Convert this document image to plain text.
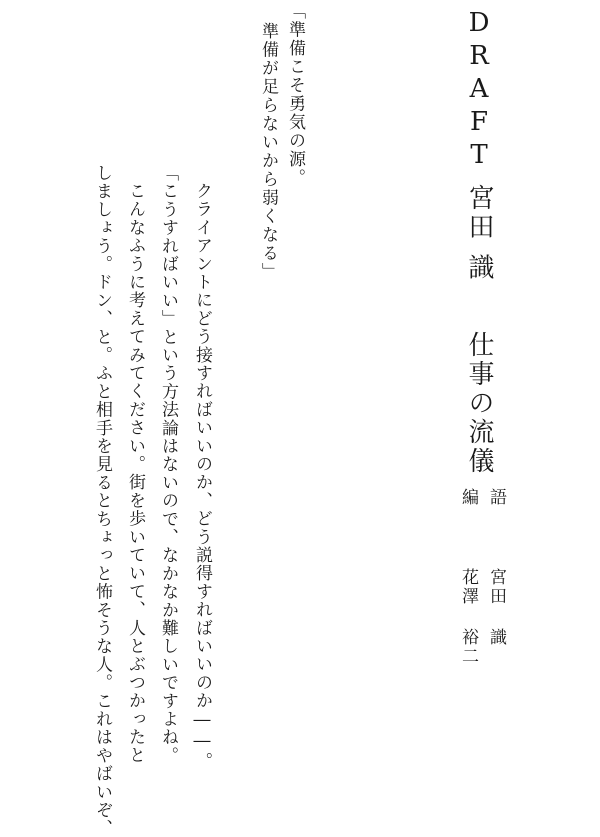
DRAFT 宮田 識  仕事の流儀
語  宮田 識
編  花澤 裕二
「準備こそ勇気の源。
準備が足らないから弱くなる」
クライアントにどう接すればいいのか、どう説得すればいいのか――。
「こうすればいい」という方法論はないので、なかなか難しいですよね。
こんなふうに考えてみてください。街を歩いていて、人とぶつかったと
しましょう。ドン、と。ふと相手を見るとちょっと怖そうな人。これはやばいぞ、
